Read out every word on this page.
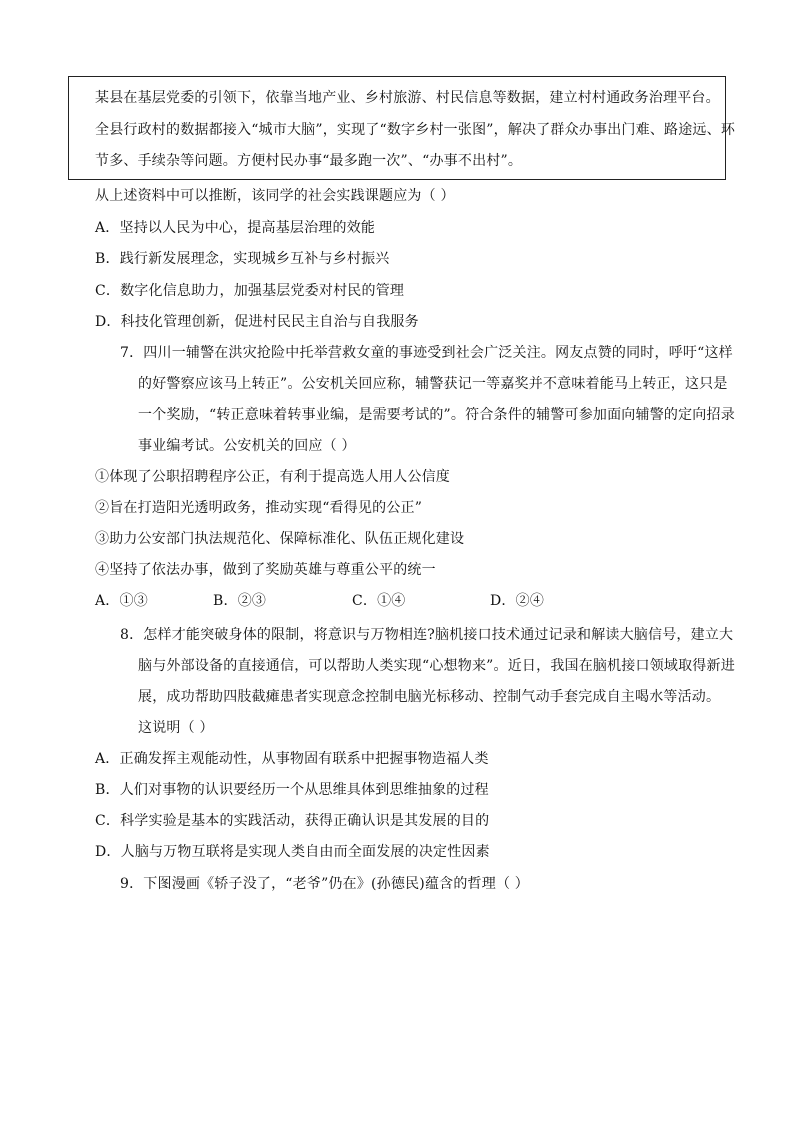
某县在基层党委的引领下，依靠当地产业、乡村旅游、村民信息等数据，建立村村通政务治理平台。
全县行政村的数据都接入“城市大脑”，实现了“数字乡村一张图”，解决了群众办事出门难、路途远、环
节多、手续杂等问题。方便村民办事“最多跑一次”、“办事不出村”。
从上述资料中可以推断，该同学的社会实践课题应为（ ）
A．坚持以人民为中心，提高基层治理的效能
B．践行新发展理念，实现城乡互补与乡村振兴
C．数字化信息助力，加强基层党委对村民的管理
D．科技化管理创新，促进村民民主自治与自我服务
7．四川一辅警在洪灾抢险中托举营救女童的事迹受到社会广泛关注。网友点赞的同时，呼吁“这样
的好警察应该马上转正”。公安机关回应称，辅警获记一等嘉奖并不意味着能马上转正，这只是
一个奖励，“转正意味着转事业编，是需要考试的”。符合条件的辅警可参加面向辅警的定向招录
事业编考试。公安机关的回应（ ）
①体现了公职招聘程序公正，有利于提高选人用人公信度
②旨在打造阳光透明政务，推动实现“看得见的公正”
③助力公安部门执法规范化、保障标准化、队伍正规化建设
④坚持了依法办事，做到了奖励英雄与尊重公平的统一
A．①③	B．②③	C．①④	D．②④
8．怎样才能突破身体的限制，将意识与万物相连?脑机接口技术通过记录和解读大脑信号，建立大
脑与外部设备的直接通信，可以帮助人类实现“心想物来”。近日，我国在脑机接口领域取得新进
展，成功帮助四肢截瘫患者实现意念控制电脑光标移动、控制气动手套完成自主喝水等活动。
这说明（ ）
A．正确发挥主观能动性，从事物固有联系中把握事物造福人类
B．人们对事物的认识要经历一个从思维具体到思维抽象的过程
C．科学实验是基本的实践活动，获得正确认识是其发展的目的
D．人脑与万物互联将是实现人类自由而全面发展的决定性因素
9．下图漫画《轿子没了，“老爷”仍在》(孙德民)蕴含的哲理（ ）
